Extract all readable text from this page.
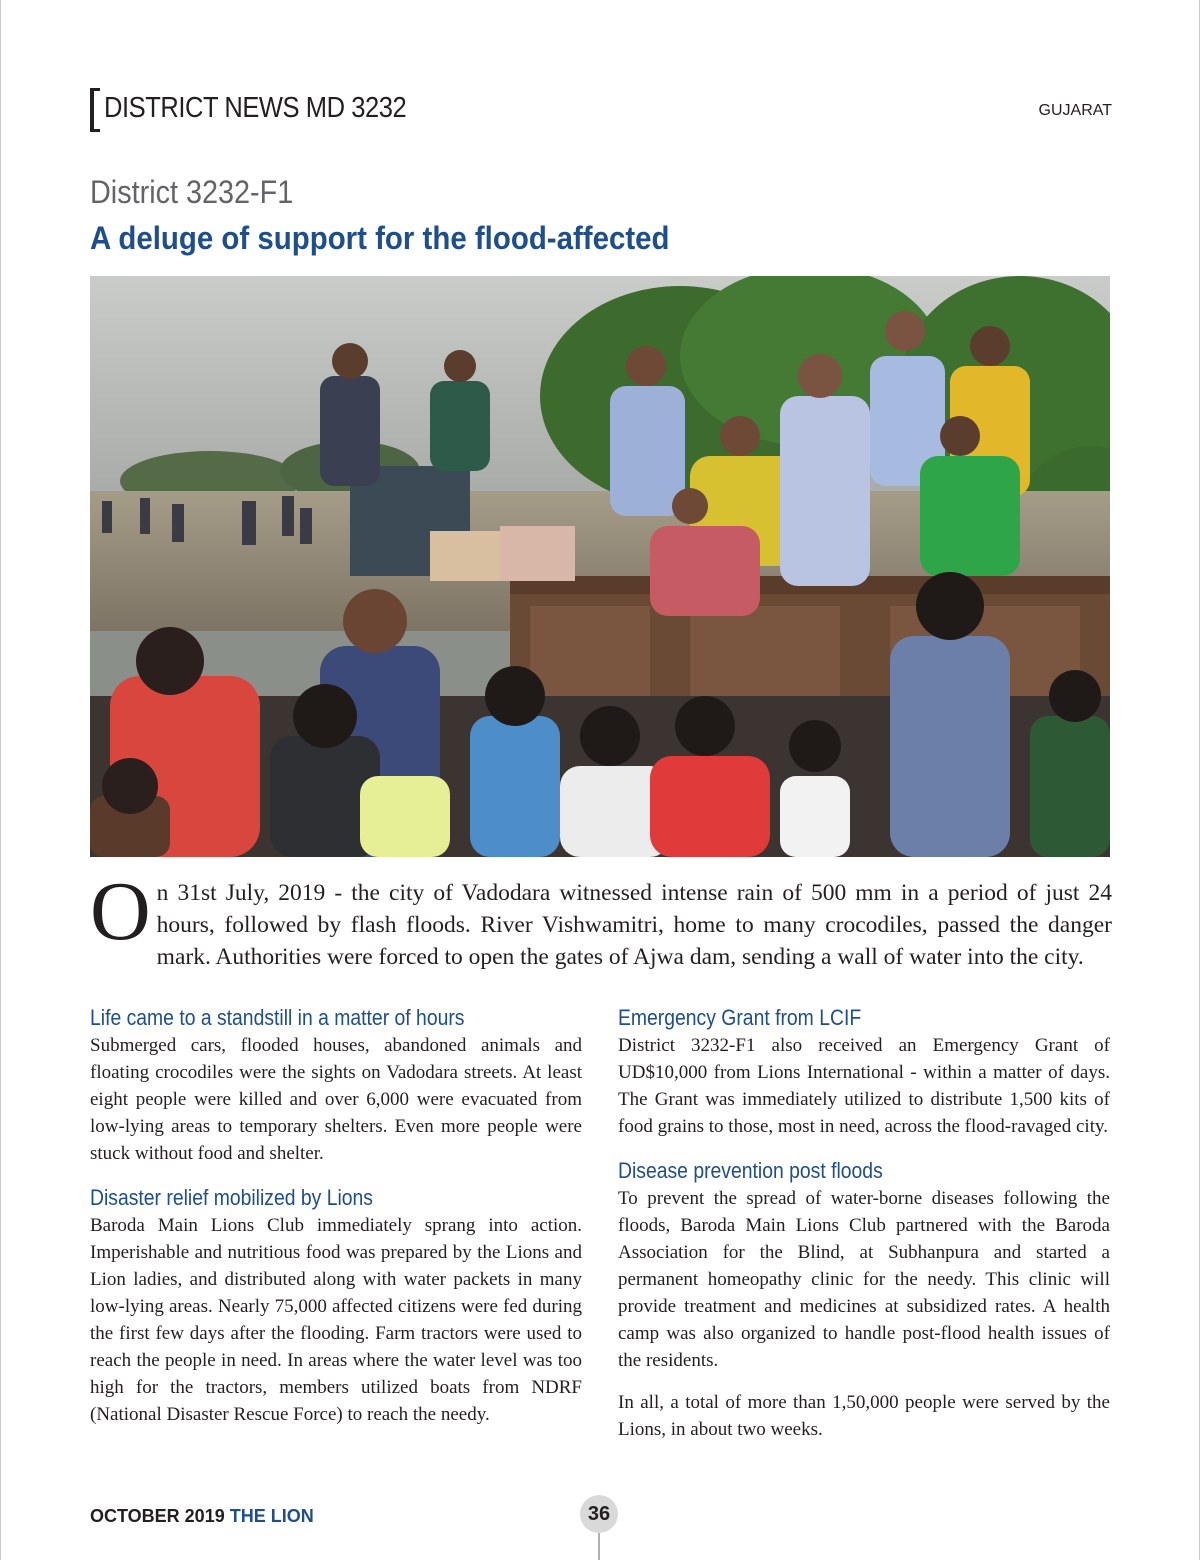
DISTRICT NEWS MD 3232	GUJARAT
District 3232-F1
A deluge of support for the flood-affected
On 31st July, 2019 - the city of Vadodara witnessed intense rain of 500 mm in a period of just 24 hours, followed by flash floods. River Vishwamitri, home to many crocodiles, passed the danger mark. Authorities were forced to open the gates of Ajwa dam, sending a wall of water into the city.
Life came to a standstill in a matter of hours
Submerged cars, flooded houses, abandoned animals and floating crocodiles were the sights on Vadodara streets. At least eight people were killed and over 6,000 were evacuated from low-lying areas to temporary shelters. Even more people were stuck without food and shelter.
Disaster relief mobilized by Lions
Baroda Main Lions Club immediately sprang into action. Imperishable and nutritious food was prepared by the Lions and Lion ladies, and distributed along with water packets in many low-lying areas. Nearly 75,000 affected citizens were fed during the first few days after the flooding. Farm tractors were used to reach the people in need. In areas where the water level was too high for the tractors, members utilized boats from NDRF (National Disaster Rescue Force) to reach the needy.
Emergency Grant from LCIF
District 3232-F1 also received an Emergency Grant of UD$10,000 from Lions International - within a matter of days. The Grant was immediately utilized to distribute 1,500 kits of food grains to those, most in need, across the flood-ravaged city.
Disease prevention post floods
To prevent the spread of water-borne diseases following the floods, Baroda Main Lions Club partnered with the Baroda Association for the Blind, at Subhanpura and started a permanent homeopathy clinic for the needy. This clinic will provide treatment and medicines at subsidized rates. A health camp was also organized to handle post-flood health issues of the residents.
In all, a total of more than 1,50,000 people were served by the Lions, in about two weeks.
OCTOBER 2019 THE LION	36
